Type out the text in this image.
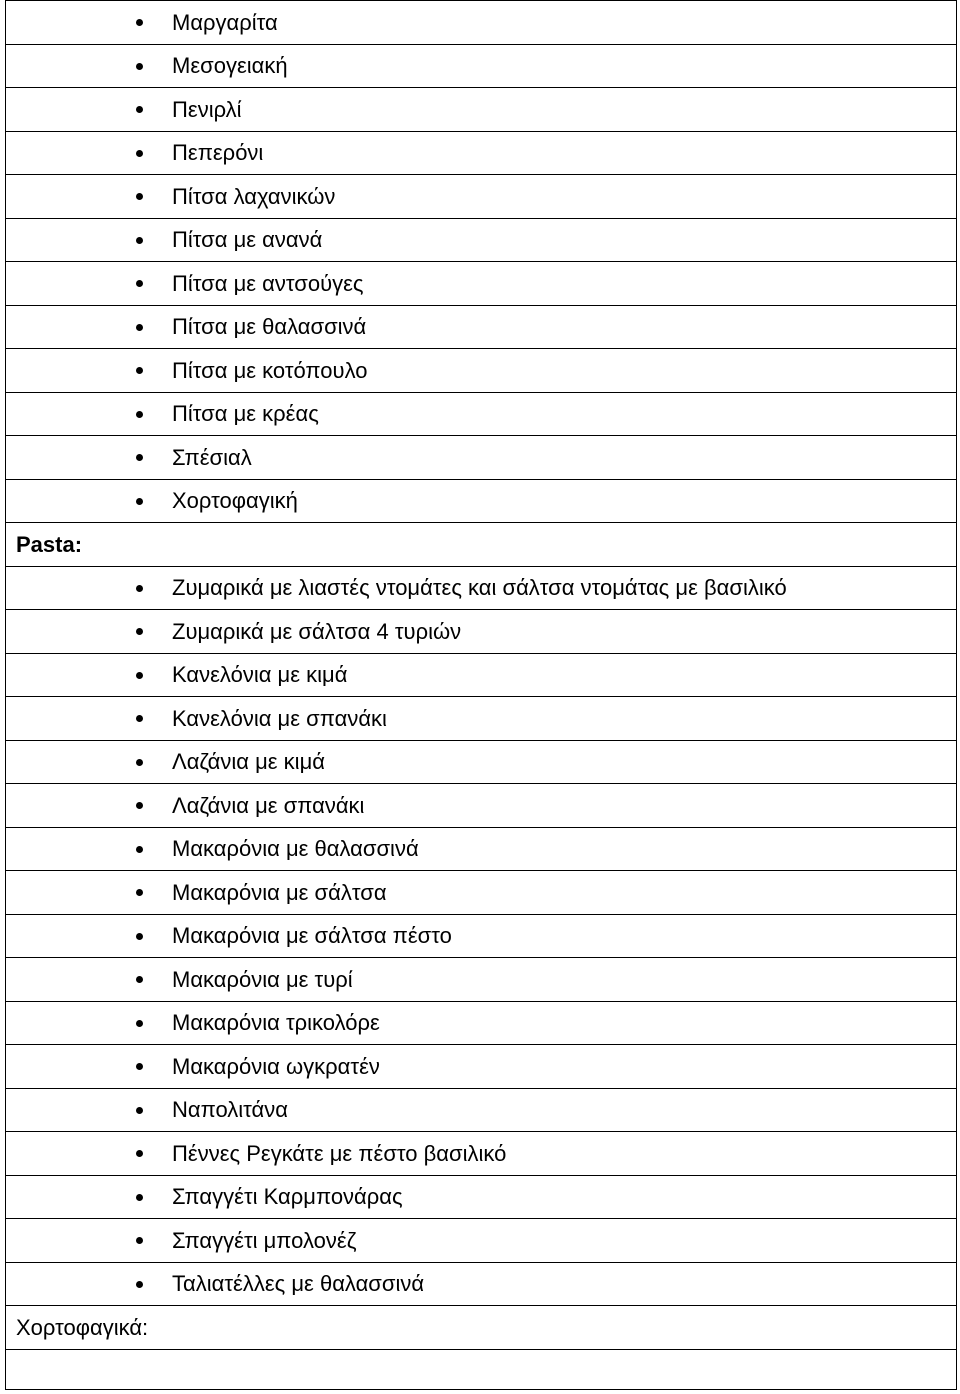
Μαργαρίτα
Μεσογειακή
Πενιρλί
Πεπερόνι
Πίτσα λαχανικών
Πίτσα με ανανά
Πίτσα με αντσούγες
Πίτσα με θαλασσινά
Πίτσα με κοτόπουλο
Πίτσα με κρέας
Σπέσιαλ
Χορτοφαγική
Pasta:
Ζυμαρικά με λιαστές ντομάτες και σάλτσα ντομάτας με βασιλικό
Ζυμαρικά με σάλτσα 4 τυριών
Κανελόνια με κιμά
Κανελόνια με σπανάκι
Λαζάνια με κιμά
Λαζάνια με σπανάκι
Μακαρόνια με θαλασσινά
Μακαρόνια με σάλτσα
Μακαρόνια με σάλτσα πέστο
Μακαρόνια με τυρί
Μακαρόνια τρικολόρε
Μακαρόνια ωγκρατέν
Ναπολιτάνα
Πέννες Ρεγκάτε με πέστο βασιλικό
Σπαγγέτι Καρμπονάρας
Σπαγγέτι μπολονέζ
Ταλιατέλλες με θαλασσινά
Χορτοφαγικά:
